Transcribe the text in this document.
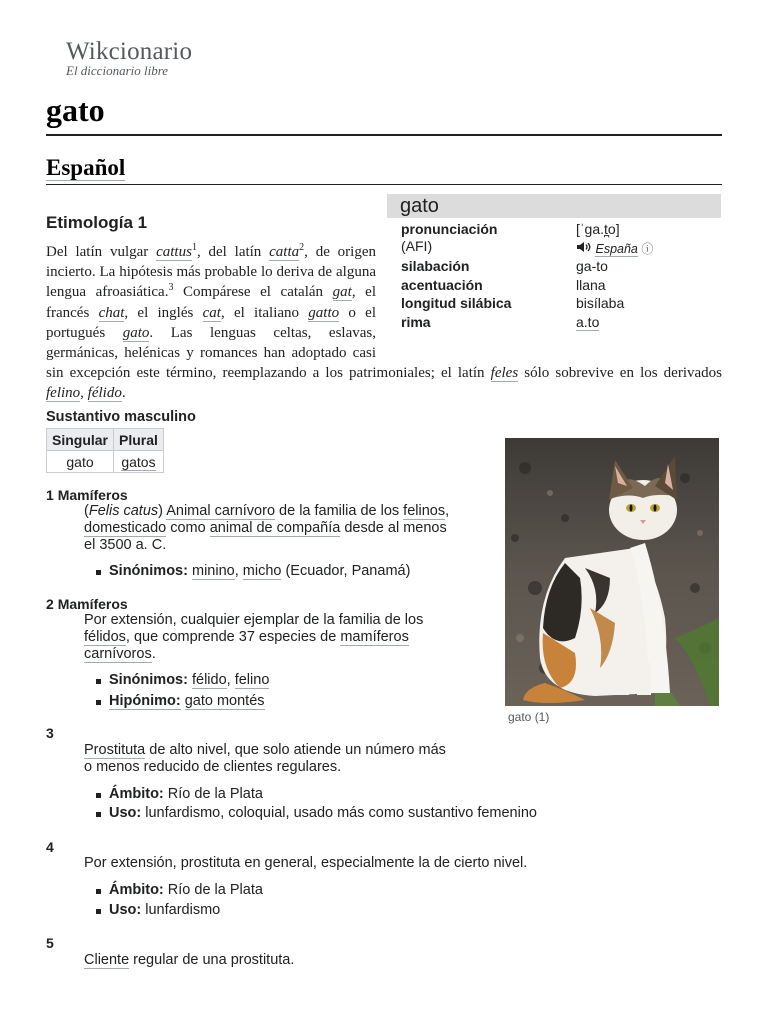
Wikcionario
El diccionario libre
gato
Español
gato
pronunciación	[ˈɡa.t̪o]
(AFI)	España ⓘ
silabación	ga-to
acentuación	llana
longitud silábica	bisílaba
rima	a.to
Etimología 1
Del latín vulgar cattus$^1$, del latín catta$^2$, de origen incierto. La hipótesis más probable lo deriva de alguna lengua afroasiática.$^3$ Compárese el catalán gat, el francés chat, el inglés cat, el italiano gatto o el portugués gato. Las lenguas celtas, eslavas, germánicas, helénicas y romances han adoptado casi sin excepción este término, reemplazando a los patrimoniales; el latín feles sólo sobrevive en los derivados felino, félido.
Sustantivo masculino
Singular	Plural
gato	gatos
gato (1)
1 Mamíferos
(Felis catus) Animal carnívoro de la familia de los felinos,
domesticado como animal de compañía desde al menos
el 3500 a. C.
Sinónimos: minino, micho (Ecuador, Panamá)
2 Mamíferos
Por extensión, cualquier ejemplar de la familia de los
félidos, que comprende 37 especies de mamíferos
carnívoros.
Sinónimos: félido, felino
Hipónimo: gato montés
3
Prostituta de alto nivel, que solo atiende un número más
o menos reducido de clientes regulares.
Ámbito: Río de la Plata
Uso: lunfardismo, coloquial, usado más como sustantivo femenino
4
Por extensión, prostituta en general, especialmente la de cierto nivel.
Ámbito: Río de la Plata
Uso: lunfardismo
5
Cliente regular de una prostituta.
